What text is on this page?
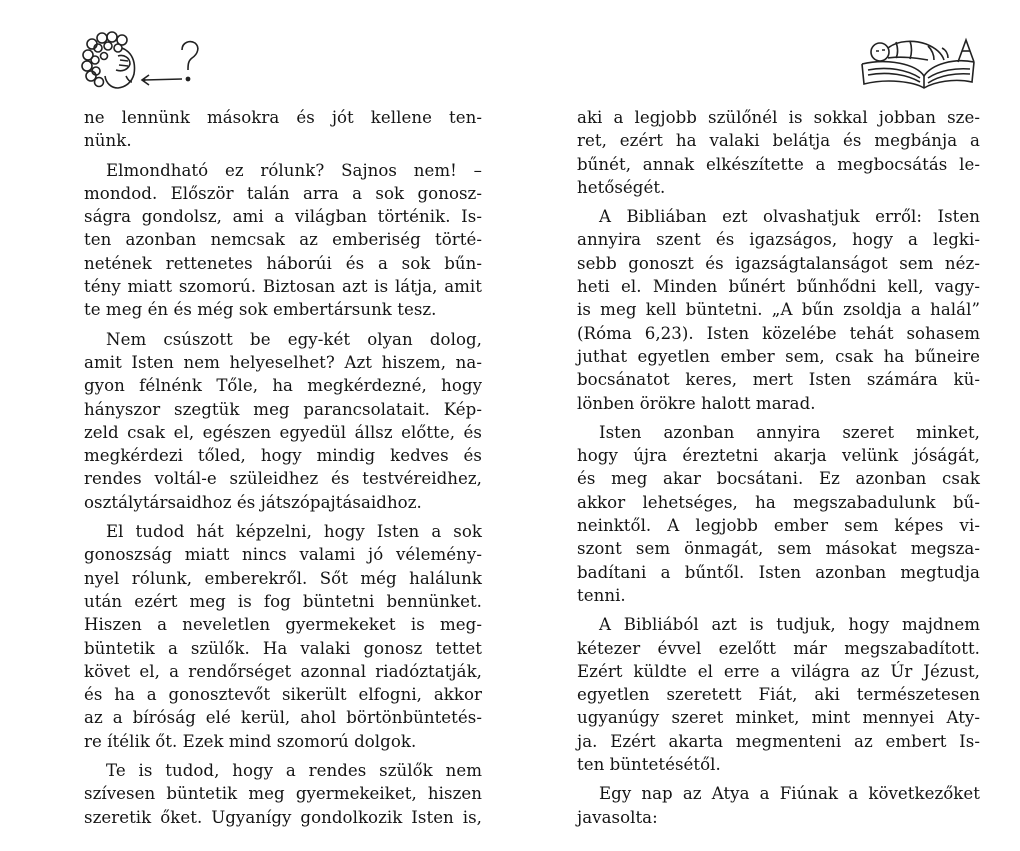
ne lennünk másokra és jót kellene ten-
nünk.
Elmondható ez rólunk? Sajnos nem! –
mondod. Először talán arra a sok gonosz-
ságra gondolsz, ami a világban történik. Is-
ten azonban nemcsak az emberiség törté-
netének rettenetes háborúi és a sok bűn-
tény miatt szomorú. Biztosan azt is látja, amit
te meg én és még sok embertársunk tesz.
Nem csúszott be egy-két olyan dolog,
amit Isten nem helyeselhet? Azt hiszem, na-
gyon félnénk Tőle, ha megkérdezné, hogy
hányszor szegtük meg parancsolatait. Kép-
zeld csak el, egészen egyedül állsz előtte, és
megkérdezi tőled, hogy mindig kedves és
rendes voltál-e szüleidhez és testvéreidhez,
osztálytársaidhoz és játszópajtásaidhoz.
El tudod hát képzelni, hogy Isten a sok
gonoszság miatt nincs valami jó vélemény-
nyel rólunk, emberekről. Sőt még halálunk
után ezért meg is fog büntetni bennünket.
Hiszen a neveletlen gyermekeket is meg-
büntetik a szülők. Ha valaki gonosz tettet
követ el, a rendőrséget azonnal riadóztatják,
és ha a gonosztevőt sikerült elfogni, akkor
az a bíróság elé kerül, ahol börtönbüntetés-
re ítélik őt. Ezek mind szomorú dolgok.
Te is tudod, hogy a rendes szülők nem
szívesen büntetik meg gyermekeiket, hiszen
szeretik őket. Ugyanígy gondolkozik Isten is,
aki a legjobb szülőnél is sokkal jobban sze-
ret, ezért ha valaki belátja és megbánja a
bűnét, annak elkészítette a megbocsátás le-
hetőségét.
A Bibliában ezt olvashatjuk erről: Isten
annyira szent és igazságos, hogy a legki-
sebb gonoszt és igazságtalanságot sem néz-
heti el. Minden bűnért bűnhődni kell, vagy-
is meg kell büntetni. „A bűn zsoldja a halál”
(Róma 6,23). Isten közelébe tehát sohasem
juthat egyetlen ember sem, csak ha bűneire
bocsánatot keres, mert Isten számára kü-
lönben örökre halott marad.
Isten azonban annyira szeret minket,
hogy újra éreztetni akarja velünk jóságát,
és meg akar bocsátani. Ez azonban csak
akkor lehetséges, ha megszabadulunk bű-
neinktől. A legjobb ember sem képes vi-
szont sem önmagát, sem másokat megsza-
badítani a bűntől. Isten azonban megtudja
tenni.
A Bibliából azt is tudjuk, hogy majdnem
kétezer évvel ezelőtt már megszabadított.
Ezért küldte el erre a világra az Úr Jézust,
egyetlen szeretett Fiát, aki természetesen
ugyanúgy szeret minket, mint mennyei Aty-
ja. Ezért akarta megmenteni az embert Is-
ten büntetésétől.
Egy nap az Atya a Fiúnak a következőket
javasolta:
